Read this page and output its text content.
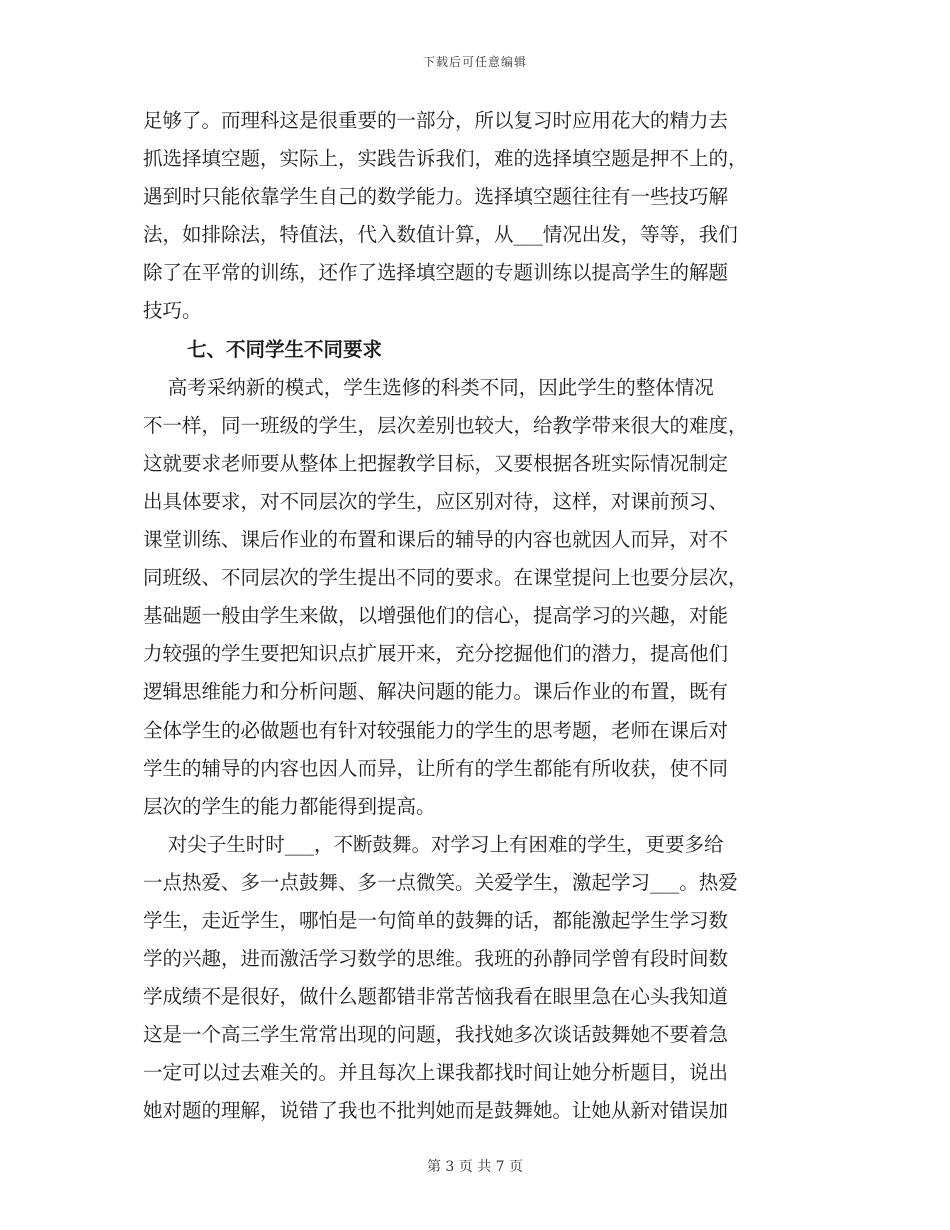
下载后可任意编辑
足够了。而理科这是很重要的一部分，所以复习时应用花大的精力去
抓选择填空题，实际上，实践告诉我们，难的选择填空题是押不上的，
遇到时只能依靠学生自己的数学能力。选择填空题往往有一些技巧解
法，如排除法，特值法，代入数值计算，从___情况出发，等等，我们
除了在平常的训练，还作了选择填空题的专题训练以提高学生的解题
技巧。
七、不同学生不同要求
高考采纳新的模式，学生选修的科类不同，因此学生的整体情况
不一样，同一班级的学生，层次差别也较大，给教学带来很大的难度，
这就要求老师要从整体上把握教学目标，又要根据各班实际情况制定
出具体要求，对不同层次的学生，应区别对待，这样，对课前预习、
课堂训练、课后作业的布置和课后的辅导的内容也就因人而异，对不
同班级、不同层次的学生提出不同的要求。在课堂提问上也要分层次，
基础题一般由学生来做，以增强他们的信心，提高学习的兴趣，对能
力较强的学生要把知识点扩展开来，充分挖掘他们的潜力，提高他们
逻辑思维能力和分析问题、解决问题的能力。课后作业的布置，既有
全体学生的必做题也有针对较强能力的学生的思考题，老师在课后对
学生的辅导的内容也因人而异，让所有的学生都能有所收获，使不同
层次的学生的能力都能得到提高。
对尖子生时时___，不断鼓舞。对学习上有困难的学生，更要多给
一点热爱、多一点鼓舞、多一点微笑。关爱学生，激起学习___。热爱
学生，走近学生，哪怕是一句简单的鼓舞的话，都能激起学生学习数
学的兴趣，进而激活学习数学的思维。我班的孙静同学曾有段时间数
学成绩不是很好，做什么题都错非常苦恼我看在眼里急在心头我知道
这是一个高三学生常常出现的问题，我找她多次谈话鼓舞她不要着急
一定可以过去难关的。并且每次上课我都找时间让她分析题目，说出
她对题的理解，说错了我也不批判她而是鼓舞她。让她从新对错误加
第 3 页 共 7 页
